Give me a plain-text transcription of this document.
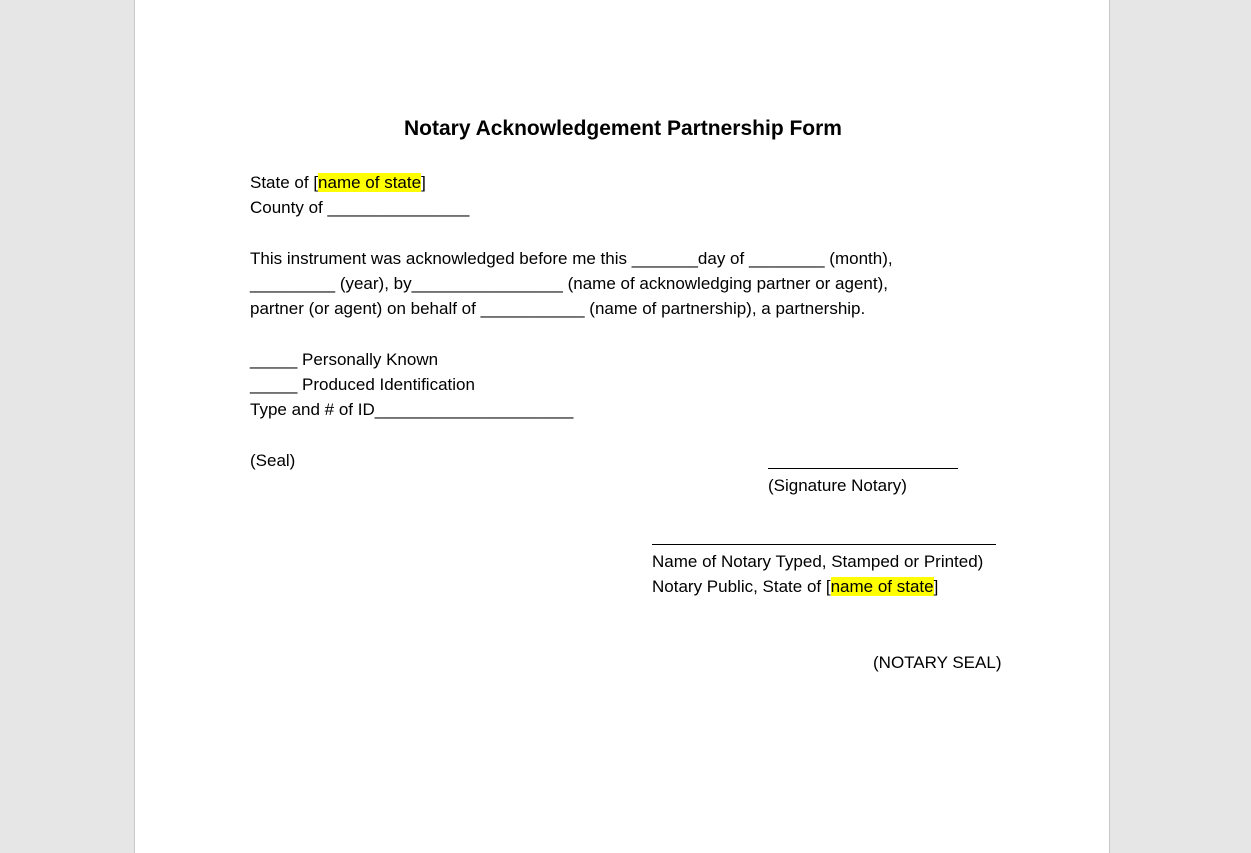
Notary Acknowledgement Partnership Form
State of [name of state]
County of _______________
This instrument was acknowledged before me this _______day of ________ (month),
_________ (year), by________________ (name of acknowledging partner or agent),
partner (or agent) on behalf of ___________ (name of partnership), a partnership.
_____ Personally Known
_____ Produced Identification
Type and # of ID_____________________
(Seal)
(Signature Notary)
Name of Notary Typed, Stamped or Printed)
Notary Public, State of [name of state]
(NOTARY SEAL)
